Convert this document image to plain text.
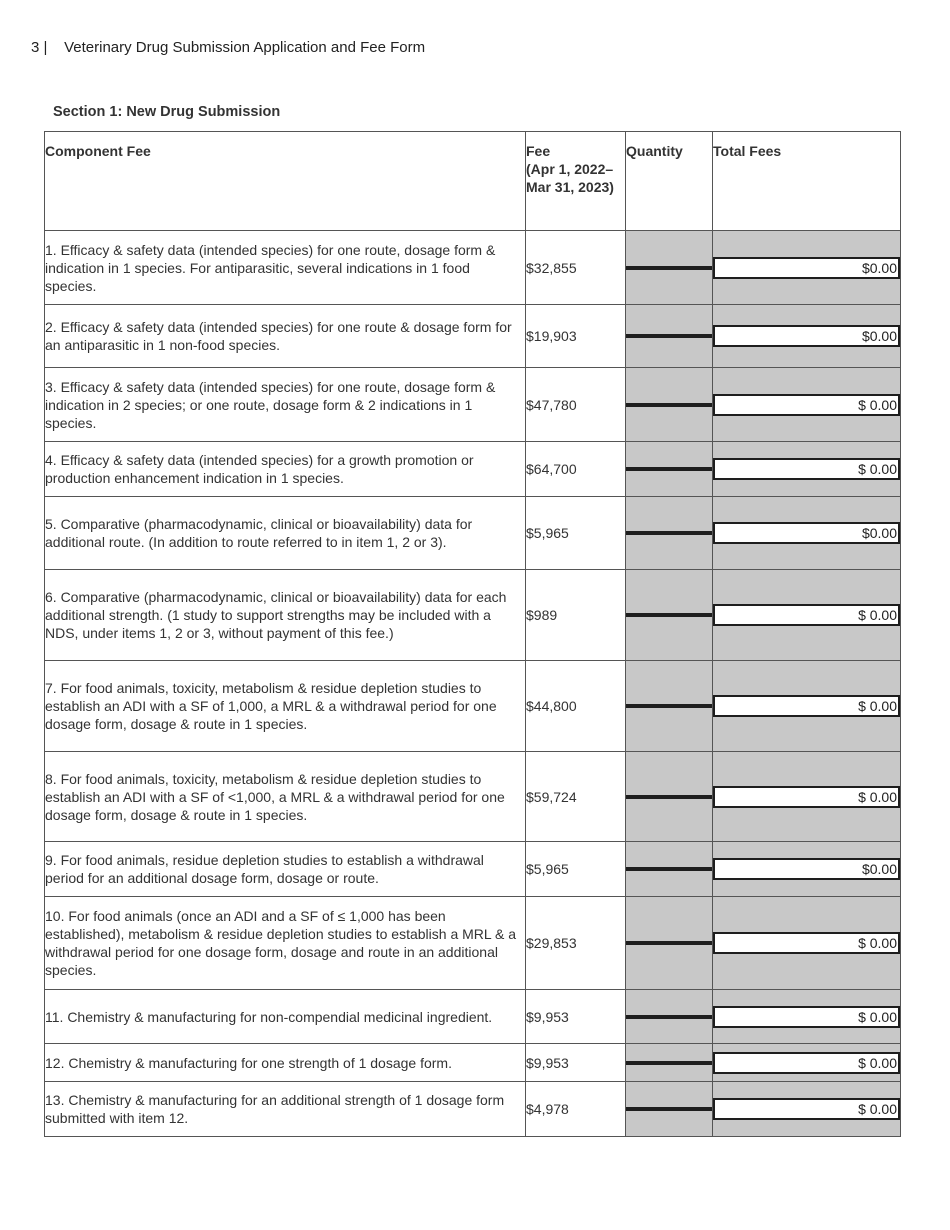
3 | Veterinary Drug Submission Application and Fee Form
Section 1: New Drug Submission
Component Fee	Fee
(Apr 1, 2022–
Mar 31, 2023)	Quantity	Total Fees
1. Efficacy & safety data (intended species) for one route, dosage form & indication in 1 species. For antiparasitic, several indications in 1 food species.	$32,855		$0.00

2. Efficacy & safety data (intended species) for one route & dosage form for an antiparasitic in 1 non-food species.	$19,903		$0.00

3. Efficacy & safety data (intended species) for one route, dosage form & indication in 2 species; or one route, dosage form & 2 indications in 1 species.	$47,780		$ 0.00

4. Efficacy & safety data (intended species) for a growth promotion or production enhancement indication in 1 species.	$64,700		$ 0.00

5. Comparative (pharmacodynamic, clinical or bioavailability) data for additional route. (In addition to route referred to in item 1, 2 or 3).	$5,965		$0.00

6. Comparative (pharmacodynamic, clinical or bioavailability) data for each additional strength. (1 study to support strengths may be included with a NDS, under items 1, 2 or 3, without payment of this fee.)	$989		$ 0.00

7. For food animals, toxicity, metabolism & residue depletion studies to establish an ADI with a SF of 1,000, a MRL & a withdrawal period for one dosage form, dosage & route in 1 species.	$44,800		$ 0.00

8. For food animals, toxicity, metabolism & residue depletion studies to establish an ADI with a SF of <1,000, a MRL & a withdrawal period for one dosage form, dosage & route in 1 species.	$59,724		$ 0.00

9. For food animals, residue depletion studies to establish a withdrawal period for an additional dosage form, dosage or route.	$5,965		$0.00

10. For food animals (once an ADI and a SF of ≤ 1,000 has been established), metabolism & residue depletion studies to establish a MRL & a withdrawal period for one dosage form, dosage and route in an additional species.	$29,853		$ 0.00

11. Chemistry & manufacturing for non-compendial medicinal ingredient.	$9,953		$ 0.00

12. Chemistry & manufacturing for one strength of 1 dosage form.	$9,953		$ 0.00

13. Chemistry & manufacturing for an additional strength of 1 dosage form submitted with item 12.	$4,978		$ 0.00
